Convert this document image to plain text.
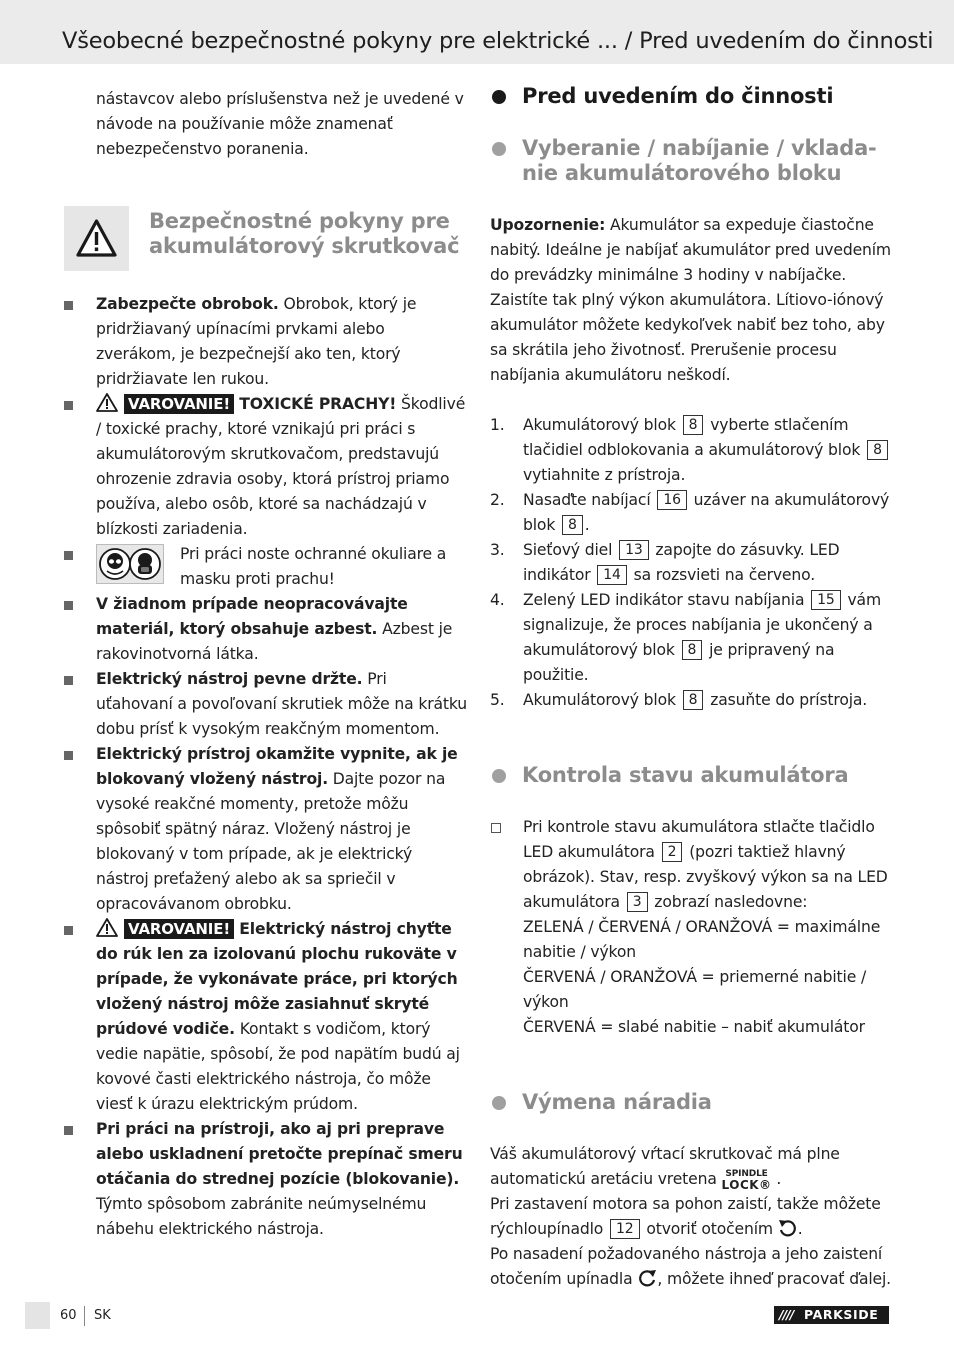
Všeobecné bezpečnostné pokyny pre elektrické ... / Pred uvedením do činnosti

nástavcov alebo príslušenstva než je uvedené v návode na používanie môže znamenať nebezpečenstvo poranenia.

Bezpečnostné pokyny pre
akumulátorový skrutkovač
Zabezpečte obrobok. Obrobok, ktorý je pridržiavaný upínacími prvkami alebo zverákom, je bezpečnejší ako ten, ktorý pridržiavate len rukou.
VAROVANIE! TOXICKÉ PRACHY! Škodlivé / toxické prachy, ktoré vznikajú pri práci s akumulátorovým skrutkovačom, predstavujú ohrozenie zdravia osoby, ktorá prístroj priamo používa, alebo osôb, ktoré sa nachádzajú v blízkosti zariadenia.
Pri práci noste ochranné okuliare a masku proti prachu!
V žiadnom prípade neopracovávajte materiál, ktorý obsahuje azbest. Azbest je rakovinotvorná látka.
Elektrický nástroj pevne držte. Pri uťahovaní a povoľovaní skrutiek môže na krátku dobu prísť k vysokým reakčným momentom.
Elektrický prístroj okamžite vypnite, ak je blokovaný vložený nástroj. Dajte pozor na vysoké reakčné momenty, pretože môžu spôsobiť spätný náraz. Vložený nástroj je blokovaný v tom prípade, ak je elektrický nástroj preťažený alebo ak sa spriečil v opracovávanom obrobku.
VAROVANIE! Elektrický nástroj chyťte do rúk len za izolovanú plochu rukoväte v prípade, že vykonávate práce, pri ktorých vložený nástroj môže zasiahnuť skryté prúdové vodiče. Kontakt s vodičom, ktorý vedie napätie, spôsobí, že pod napätím budú aj kovové časti elektrického nástroja, čo môže viesť k úrazu elektrickým prúdom.
Pri práci na prístroji, ako aj pri preprave alebo uskladnení pretočte prepínač smeru otáčania do strednej pozície (blokovanie). Týmto spôsobom zabránite neúmyselnému nábehu elektrického nástroja.
Pred uvedením do činnosti
Vyberanie / nabíjanie / vklada-
nie akumulátorového bloku

Upozornenie: Akumulátor sa expeduje čiastočne nabitý. Ideálne je nabíjať akumulátor pred uvedením do prevádzky minimálne 3 hodiny v nabíjačke. Zaistíte tak plný výkon akumulátora. Lítiovo-iónový akumulátor môžete kedykoľvek nabiť bez toho, aby sa skrátila jeho životnosť. Prerušenie procesu nabíjania akumulátoru neškodí.

1. Akumulátorový blok 8 vyberte stlačením tlačidiel odblokovania a akumulátorový blok 8 vytiahnite z prístroja.
2. Nasaďte nabíjací 16 uzáver na akumulátorový blok 8 .
3. Sieťový diel 13 zapojte do zásuvky. LED indikátor 14 sa rozsvieti na červeno.
4. Zelený LED indikátor stavu nabíjania 15 vám signalizuje, že proces nabíjania je ukončený a akumulátorový blok 8 je pripravený na použitie.
5. Akumulátorový blok 8 zasuňte do prístroja.
Kontrola stavu akumulátora
Pri kontrole stavu akumulátora stlačte tlačidlo LED akumulátora 2 (pozri taktiež hlavný obrázok). Stav, resp. zvyškový výkon sa na LED akumulátora 3 zobrazí nasledovne:
ZELENÁ / ČERVENÁ / ORANŽOVÁ = maximálne nabitie / výkon
ČERVENÁ / ORANŽOVÁ = priemerné nabitie / výkon
ČERVENÁ = slabé nabitie – nabiť akumulátor
Výmena náradia

Váš akumulátorový vŕtací skrutkovač má plne automatickú aretáciu vretena SPINDLE
LOCK® .
Pri zastavení motora sa pohon zaistí, takže môžete rýchloupínadlo 12 otvoriť otočením .
Po nasadení požadovaného nástroja a jeho zaistení otočením upínadla , môžete ihneď pracovať ďalej.

60 SK	//// PARKSIDE
